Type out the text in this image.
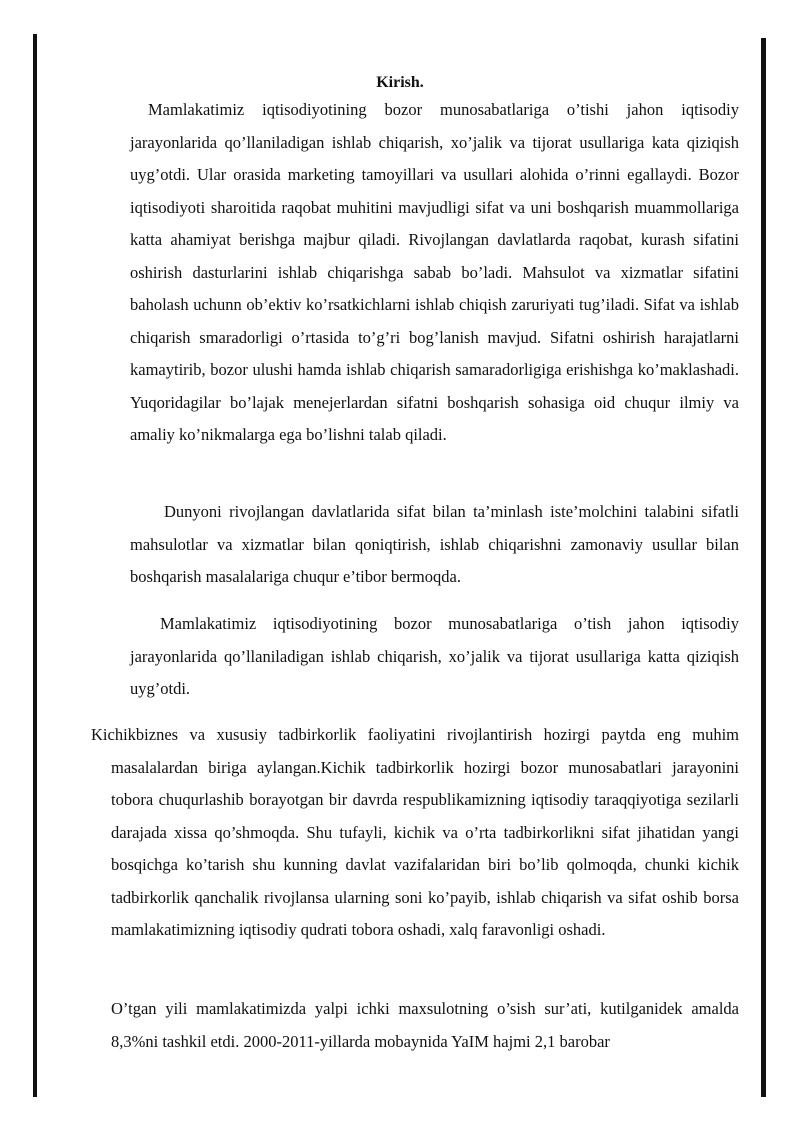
Kirish.

Mamlakatimiz iqtisodiyotining bozor munosabatlariga o’tishi jahon iqtisodiy jarayonlarida qo’llaniladigan ishlab chiqarish, xo’jalik va tijorat usullariga kata qiziqish uyg’otdi. Ular orasida marketing tamoyillari va usullari alohida o’rinni egallaydi. Bozor iqtisodiyoti sharoitida raqobat muhitini mavjudligi sifat va uni boshqarish muammollariga katta ahamiyat berishga majbur qiladi. Rivojlangan davlatlarda raqobat, kurash sifatini oshirish dasturlarini ishlab chiqarishga sabab bo’ladi. Mahsulot va xizmatlar sifatini baholash uchunn ob’ektiv ko’rsatkichlarni ishlab chiqish zaruriyati tug’iladi. Sifat va ishlab chiqarish smaradorligi o’rtasida to’g’ri bog’lanish mavjud. Sifatni oshirish harajatlarni kamaytirib, bozor ulushi hamda ishlab chiqarish samaradorligiga erishishga ko’maklashadi. Yuqoridagilar bo’lajak menejerlardan sifatni boshqarish sohasiga oid chuqur ilmiy va amaliy ko’nikmalarga ega bo’lishni talab qiladi.

Dunyoni rivojlangan davlatlarida sifat bilan ta’minlash iste’molchini talabini sifatli mahsulotlar va xizmatlar bilan qoniqtirish, ishlab chiqarishni zamonaviy usullar bilan boshqarish masalalariga chuqur e’tibor bermoqda.

Mamlakatimiz iqtisodiyotining bozor munosabatlariga o’tish jahon iqtisodiy jarayonlarida qo’llaniladigan ishlab chiqarish, xo’jalik va tijorat usullariga katta qiziqish uyg’otdi.

Kichikbiznes va xususiy tadbirkorlik faoliyatini rivojlantirish hozirgi paytda eng muhim masalalardan biriga aylangan.Kichik tadbirkorlik hozirgi bozor munosabatlari jarayonini tobora chuqurlashib borayotgan bir davrda respublikamizning iqtisodiy taraqqiyotiga sezilarli darajada xissa qo’shmoqda. Shu tufayli, kichik va o’rta tadbirkorlikni sifat jihatidan yangi bosqichga ko’tarish shu kunning davlat vazifalaridan biri bo’lib qolmoqda, chunki kichik tadbirkorlik qanchalik rivojlansa ularning soni ko’payib, ishlab chiqarish va sifat oshib borsa mamlakatimizning iqtisodiy qudrati tobora oshadi, xalq faravonligi oshadi.

O’tgan yili mamlakatimizda yalpi ichki maxsulotning o’sish sur’ati, kutilganidek amalda 8,3%ni tashkil etdi. 2000-2011-yillarda mobaynida YaIM hajmi 2,1 barobar
